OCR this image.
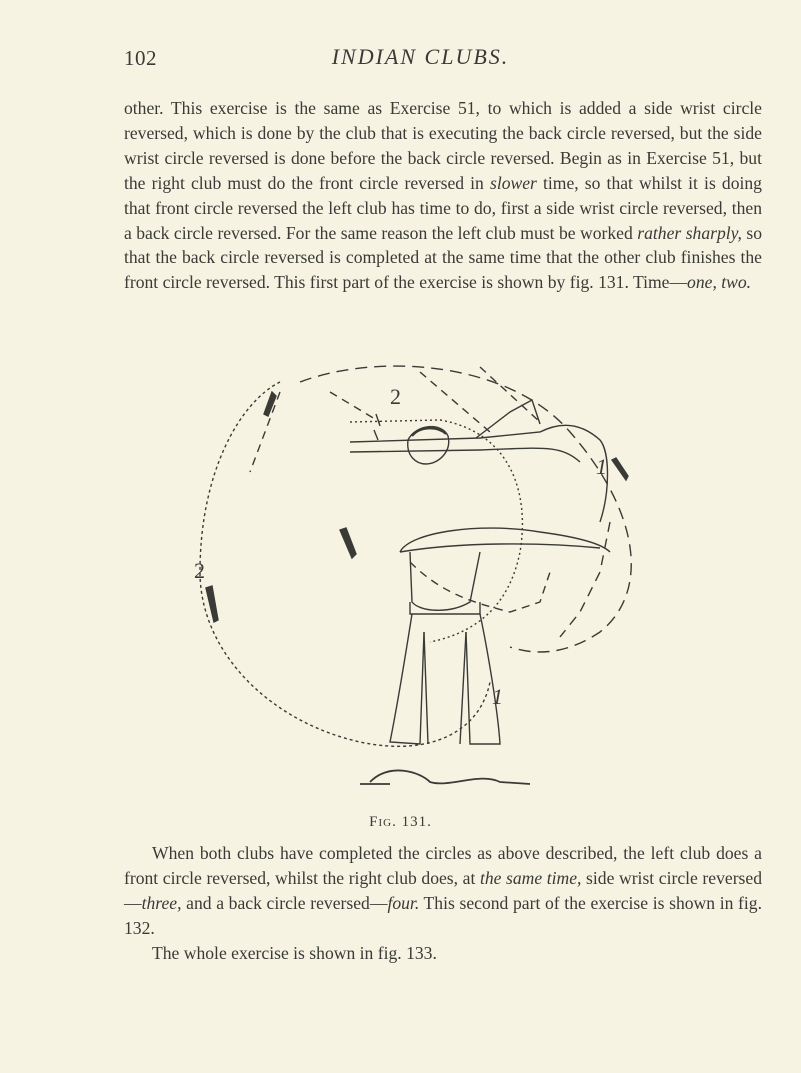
102	INDIAN CLUBS.

other. This exercise is the same as Exercise 51, to which is added a side wrist circle reversed, which is done by the club that is executing the back circle reversed, but the side wrist circle reversed is done before the back circle reversed. Begin as in Exercise 51, but the right club must do the front circle reversed in slower time, so that whilst it is doing that front circle reversed the left club has time to do, first a side wrist circle reversed, then a back circle reversed. For the same reason the left club must be worked rather sharply, so that the back circle reversed is completed at the same time that the other club finishes the front circle reversed. This first part of the exercise is shown by fig. 131. Time—one, two.

2
2
1
1
Fig. 131.

When both clubs have completed the circles as above described, the left club does a front circle reversed, whilst the right club does, at the same time, side wrist circle reversed—three, and a back circle reversed—four. This second part of the exercise is shown in fig. 132.
The whole exercise is shown in fig. 133.
